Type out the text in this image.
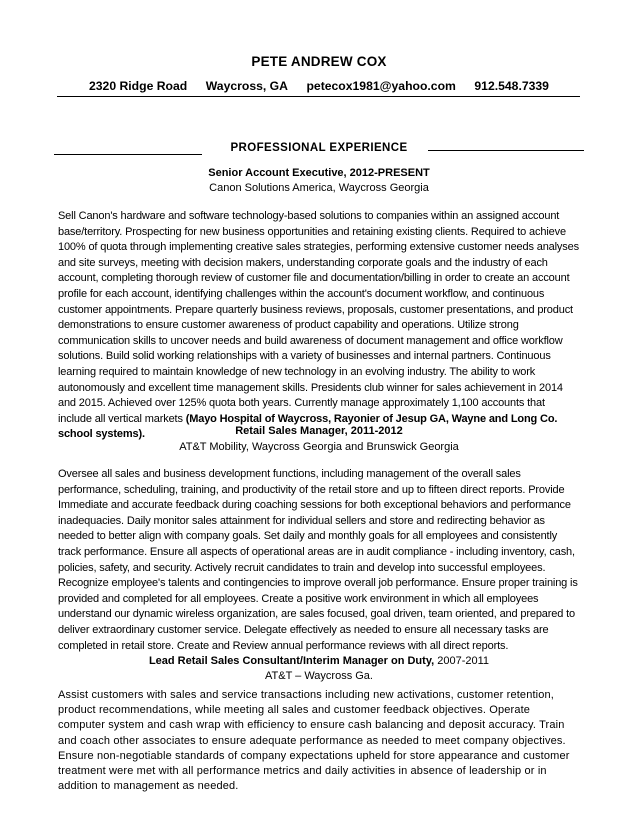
PETE ANDREW COX
2320 Ridge Road Waycross, GA petecox1981@yahoo.com 912.548.7339
PROFESSIONAL EXPERIENCE
Senior Account Executive, 2012-PRESENT
Canon Solutions America, Waycross Georgia

Sell Canon's hardware and software technology-based solutions to companies within an assigned account base/territory. Prospecting for new business opportunities and retaining existing clients. Required to achieve 100% of quota through implementing creative sales strategies, performing extensive customer needs analyses and site surveys, meeting with decision makers, understanding corporate goals and the industry of each account, completing thorough review of customer file and documentation/billing in order to create an account profile for each account, identifying challenges within the account's document workflow, and continuous customer appointments. Prepare quarterly business reviews, proposals, customer presentations, and product demonstrations to ensure customer awareness of product capability and operations. Utilize strong communication skills to uncover needs and build awareness of document management and office workflow solutions. Build solid working relationships with a variety of businesses and internal partners. Continuous learning required to maintain knowledge of new technology in an evolving industry. The ability to work autonomously and excellent time management skills. Presidents club winner for sales achievement in 2014 and 2015. Achieved over 125% quota both years. Currently manage approximately 1,100 accounts that include all vertical markets (Mayo Hospital of Waycross, Rayonier of Jesup GA, Wayne and Long Co. school systems).	Retail Sales Manager, 2011-2012
AT&T Mobility, Waycross Georgia and Brunswick Georgia

Oversee all sales and business development functions, including management of the overall sales performance, scheduling, training, and productivity of the retail store and up to fifteen direct reports. Provide Immediate and accurate feedback during coaching sessions for both exceptional behaviors and performance inadequacies. Daily monitor sales attainment for individual sellers and store and redirecting behavior as needed to better align with company goals. Set daily and monthly goals for all employees and consistently track performance. Ensure all aspects of operational areas are in audit compliance - including inventory, cash, policies, safety, and security. Actively recruit candidates to train and develop into successful employees. Recognize employee's talents and contingencies to improve overall job performance. Ensure proper training is provided and completed for all employees. Create a positive work environment in which all employees understand our dynamic wireless organization, are sales focused, goal driven, team oriented, and prepared to deliver extraordinary customer service. Delegate effectively as needed to ensure all necessary tasks are completed in retail store. Create and Review annual performance reviews with all direct reports.

Lead Retail Sales Consultant/Interim Manager on Duty, 2007-2011
AT&T – Waycross Ga.

Assist customers with sales and service transactions including new activations, customer retention, product recommendations, while meeting all sales and customer feedback objectives. Operate computer system and cash wrap with efficiency to ensure cash balancing and deposit accuracy. Train and coach other associates to ensure adequate performance as needed to meet company objectives. Ensure non-negotiable standards of company expectations upheld for store appearance and customer treatment were met with all performance metrics and daily activities in absence of leadership or in addition to management as needed.
